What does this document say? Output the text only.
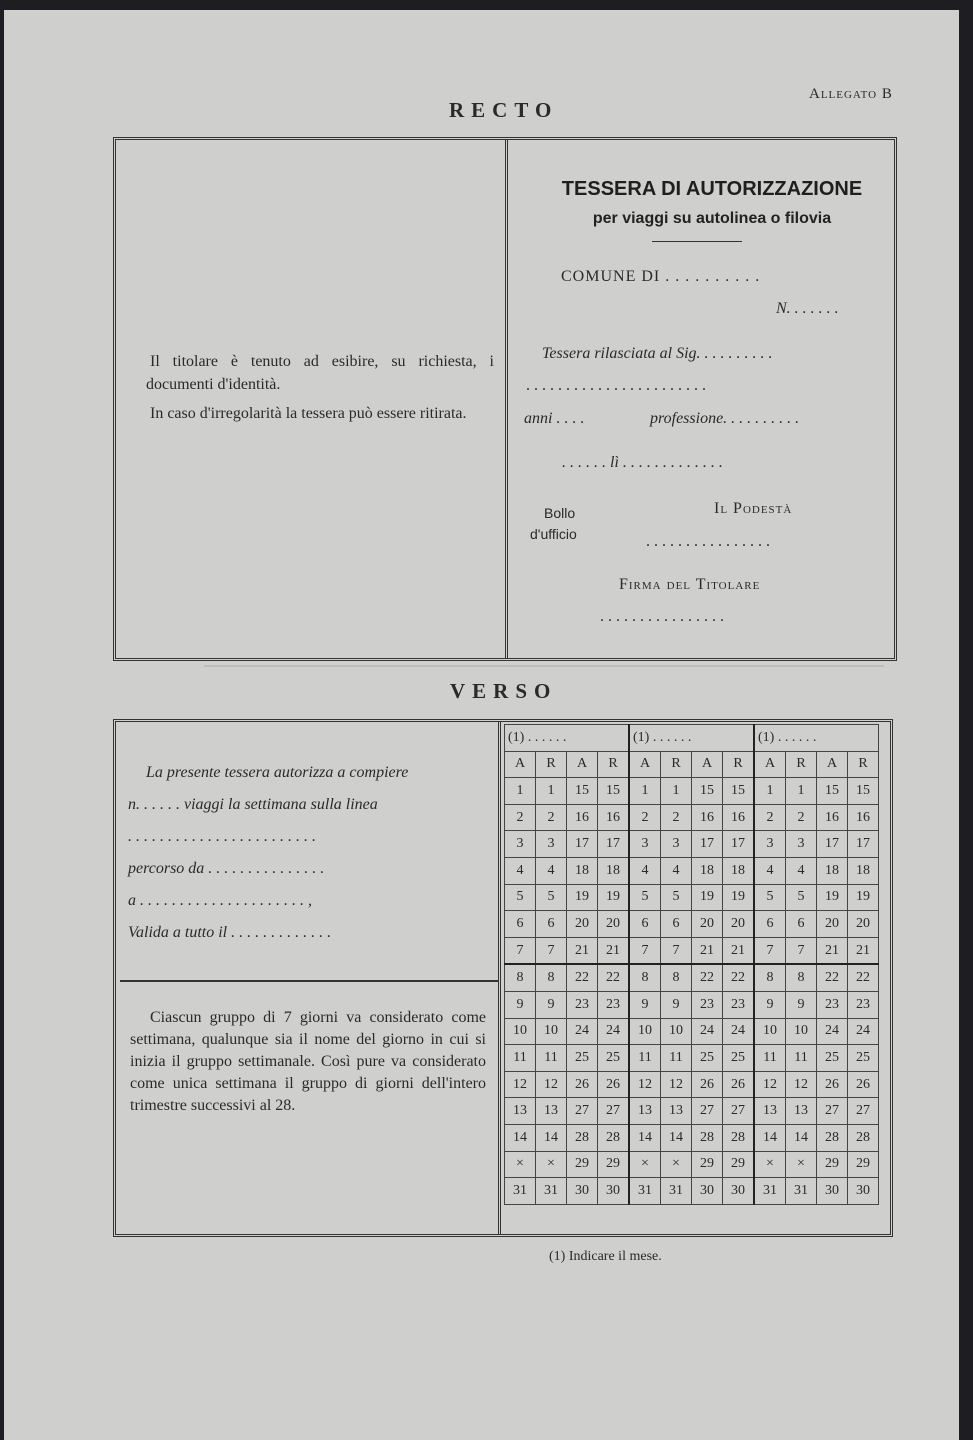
Allegato B
RECTO

Il titolare è tenuto ad esibire, su richiesta, i documenti d'identità.

In caso d'irregolarità la tessera può essere ritirata.

TESSERA DI AUTORIZZAZIONE
per viaggi su autolinea o filovia
COMUNE DI . . . . . . . . . .
N. . . . . . .
Tessera rilasciata al Sig. . . . . . . . . .
. . . . . . . . . . . . . . . . . . . . . . .
anni . . . .	professione. . . . . . . . . .
. . . . . . lì . . . . . . . . . . . . .
Bollo
d'ufficio
Il Podestà
. . . . . . . . . . . . . . . .
Firma del Titolare
. . . . . . . . . . . . . . . .
VERSO
La presente tessera autorizza a compiere
n. . . . . . viaggi la settimana sulla linea
. . . . . . . . . . . . . . . . . . . . . . . .
percorso da . . . . . . . . . . . . . . .
a . . . . . . . . . . . . . . . . . . . . . ,
Valida a tutto il . . . . . . . . . . . . .

Ciascun gruppo di 7 giorni va considerato come settimana, qualunque sia il nome del giorno in cui si inizia il gruppo settimanale. Così pure va considerato come unica settimana il gruppo di giorni dell'intero trimestre successivi al 28.

(1) . . . . . .				(1) . . . . . .				(1) . . . . . .			
A	R	A	R	A	R	A	R	A	R	A	R
1	1	15	15	1	1	15	15	1	1	15	15
2	2	16	16	2	2	16	16	2	2	16	16
3	3	17	17	3	3	17	17	3	3	17	17
4	4	18	18	4	4	18	18	4	4	18	18
5	5	19	19	5	5	19	19	5	5	19	19
6	6	20	20	6	6	20	20	6	6	20	20
7	7	21	21	7	7	21	21	7	7	21	21
8	8	22	22	8	8	22	22	8	8	22	22
9	9	23	23	9	9	23	23	9	9	23	23
10	10	24	24	10	10	24	24	10	10	24	24
11	11	25	25	11	11	25	25	11	11	25	25
12	12	26	26	12	12	26	26	12	12	26	26
13	13	27	27	13	13	27	27	13	13	27	27
14	14	28	28	14	14	28	28	14	14	28	28
×	×	29	29	×	×	29	29	×	×	29	29
31	31	30	30	31	31	30	30	31	31	30	30
(1) Indicare il mese.
